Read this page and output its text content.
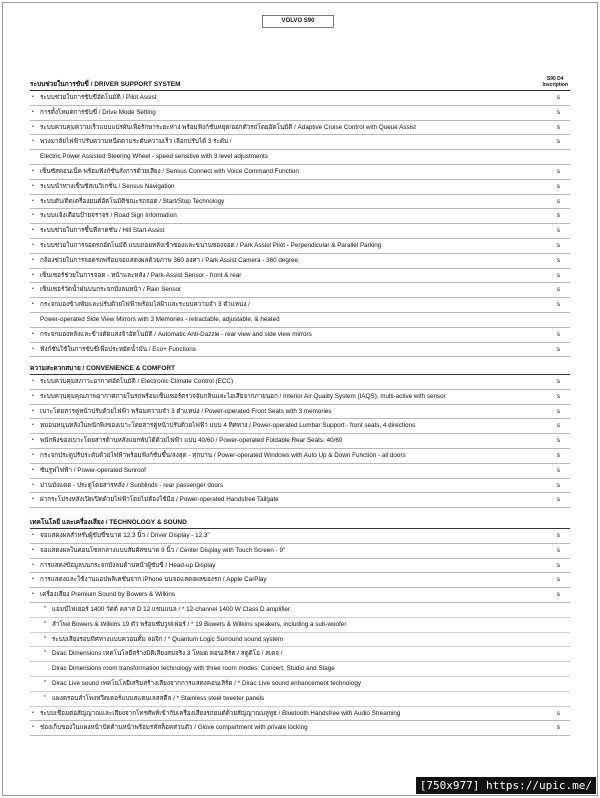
VOLVO S90
ระบบช่วยในการขับขี่ / DRIVER SUPPORT SYSTEM
S90 D4
Inscription
• ระบบช่วยในการขับขี่อัตโนมัติ / Pilot Assist	s
• การตั้งโหมดการขับขี่ / Drive Mode Setting	s
• ระบบควบคุมความเร็วแบบแปรผันเพื่อรักษาระยะห่าง พร้อมฟังก์ชั่นหยุด/ออกตัวรถโดยอัตโนมัติ / Adaptive Cruise Control with Queue Assist	s
• พวงมาลัยไฟฟ้าปรับความหนืดตามระดับความเร็ว เลือกปรับได้ 3 ระดับ /	s
Electric Power Assisted Steering Wheel - speed sensitive with 3 level adjustments
• เซ็นซัสคอนเน็ค พร้อมฟังก์ชั่นสั่งการด้วยเสียง / Sensus Connect with Voice Command Function	s
• ระบบนำทางเซ็นซัสเนวิเกชั่น / Sensus Navigation	s
• ระบบดับ/ติดเครื่องยนต์อัตโนมัติขณะรถจอด / Start/Stop Technology	s
• ระบบแจ้งเตือนป้ายจราจร / Road Sign Information	s
• ระบบช่วยในการขึ้นที่ลาดชัน / Hill Start Assist	s
• ระบบช่วยในการจอดรถอัตโนมัติ แบบถอยหลังเข้าซองและขนานซองจอด / Park Assist Pilot - Perpendicular & Parallel Parking	s
• กล้องช่วยในการจอดรถพร้อมจอแสดงผลด้วยภาพ 360 องศา / Park Assist Camera - 360 degree	s
• เซ็นเซอร์ช่วยในการจอด - หน้าและหลัง / Park-Assist Sensor - front & rear	s
• เซ็นเซอร์วัดน้ำฝนบนกระจกบังลมหน้า / Rain Sensor	s
• กระจกมองข้างพับและปรับด้วยไฟฟ้าพร้อมไล่ฝ้าและระบบความจำ 3 ตำแหน่ง /	s
Power-operated Side View Mirrors with 3 Memories - retractable, adjustable, & heated
• กระจกมองหลังและข้างตัดแสงจ้าอัตโนมัติ / Automatic Anti-Dazzle - rear view and side view mirrors	s
• ฟังก์ชั่นใช้ในการขับขี่เพื่อประหยัดน้ำมัน / Eco+ Functions	s
ความสะดวกสบาย / CONVENIENCE & COMFORT
• ระบบควบคุมสภาวะอากาศอัตโนมัติ / Electronic Climate Control (ECC)	s
• ระบบควบคุมคุณภาพอากาศภายในรถพร้อมเซ็นเซอร์ตรวจจับกลิ่นและไอเสียจากภายนอก / Interior Air Quality System (IAQS), multi-active with sensor	s
• เบาะโดยสารคู่หน้าปรับด้วยไฟฟ้า พร้อมความจำ 3 ตำแหน่ง / Power-operated Front Seats with 3 memories	s
• หมอนหนุนหลังในพนักพิงของเบาะโดยสารคู่หน้าปรับด้วยไฟฟ้า แบบ 4 ทิศทาง / Power-operated Lumbar Support - front seats, 4 directions	s
• พนักพิงของเบาะโดยสารด้านหลังแยกพับได้ด้วยไฟฟ้า แบบ 40/60 / Power-operated Foldable Rear Seats: 40/60	s
• กระจกประตูปรับระดับด้วยไฟฟ้าพร้อมฟังก์ชั่นขึ้น/ลงสุด - ทุกบาน / Power-operated Windows with Auto Up & Down Function - all doors	s
• ซันรูฟไฟฟ้า / Power-operated Sunroof	s
• ม่านบังแดด - ประตูโดยสารหลัง / Sunblinds - rear passenger doors	s
• ฝากระโปรงหลังเปิด/ปิดด้วยไฟฟ้าโดยไม่ต้องใช้มือ / Power-operated Handsfree Tailgate	s
เทคโนโลยี และเครื่องเสียง / TECHNOLOGY & SOUND
• จอแสดงผลสำหรับผู้ขับขี่ขนาด 12.3 นิ้ว / Driver Display - 12.3"	s
• จอแสดงผลในคอนโซลกลางแบบสัมผัสขนาด 9 นิ้ว / Center Display with Touch Screen - 9"	s
• การแสดงข้อมูลบนกระจกบังลมด้านหน้าผู้ขับขี่ / Head-up Display	s
• การแสดงและใช้งานแอปพลิเคชั่นจาก iPhone บนจอแสดงผลของรถ / Apple CarPlay	s
• เครื่องเสียง Premium Sound by Bowers & Wilkins	s
* แอมป์ไฟเยอร์ 1400 วัตต์ คลาส D 12 แชนแนล / * 12-channel 1400 W Class D amplifier
* ลำโพง Bowers & Wilkins 19 ตัว พร้อมซับวูฟเฟอร์ / * 19 Bowers & Wilkins speakers, including a sub-woofer
* ระบบเสียงรอบทิศทางแบบควอนตั้ม ลอจิก / * Quantum Logic Surround sound system
* Dirac Dimensions เทคโนโลยีสร้างมิติเสียงสมจริง 3 โหมด คอนเสิร์ต / สตูดิโอ / สเตจ /
Dirac Dimensions room transformation technology with three room modes: Concert, Studio and Stage
* Dirac Live sound เทคโนโลยีเสริมสร้างเสียงจากการแสดงคอนเสิร์ต / * Dirac Live sound enhancement technology
* แผงครอบลำโพงทวีตเตอร์แบบสแตนเลสสตีล / * Stainless steel tweeter panels
• ระบบเชื่อมต่อสัญญาณและเสียงจากโทรศัพท์เข้ากับเครื่องเสียงรถยนต์ด้วยสัญญาณบลูทูธ / Bluetooth Handsfree with Audio Streaming	s
• ช่องเก็บของในแผงหน้าปัดด้านหน้าพร้อมรหัสล็อคส่วนตัว / Glove compartment with private locking	s
[750x977] https://upic.me/
